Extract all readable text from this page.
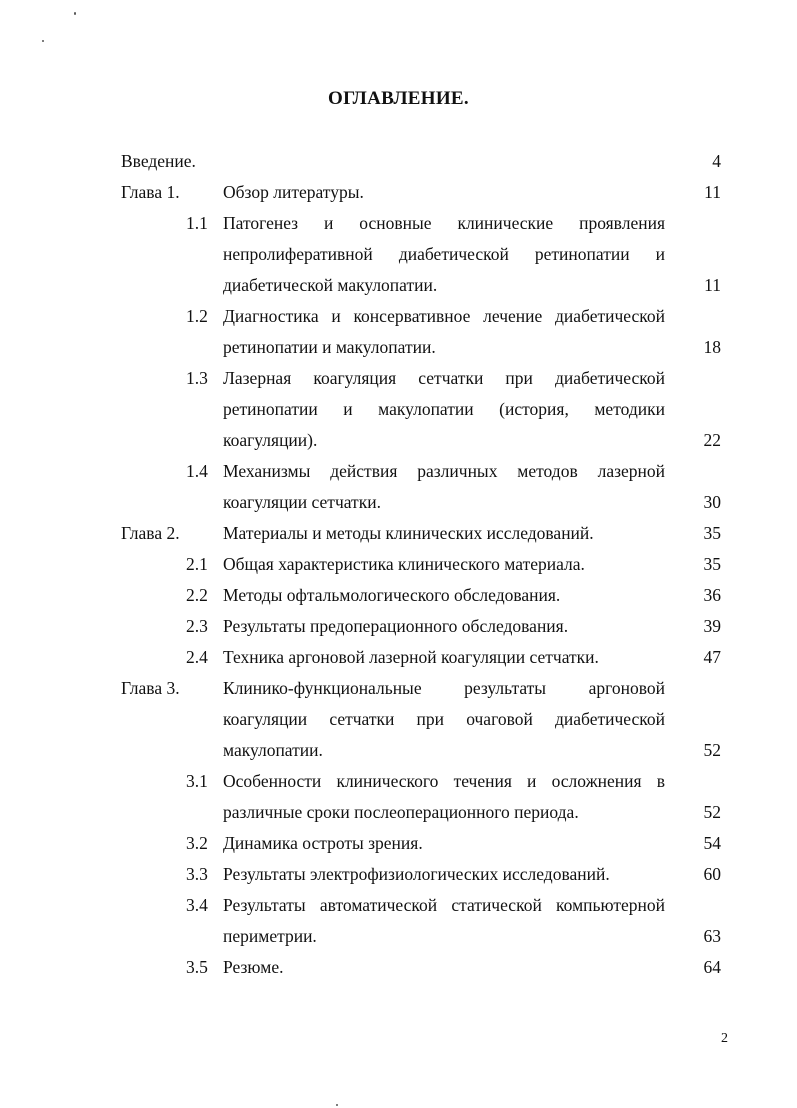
ОГЛАВЛЕНИЕ.
Введение.	4
Глава 1. Обзор литературы.	11
1.1 Патогенез и основные клинические проявления
непролиферативной диабетической ретинопатии и
диабетической макулопатии.	11
1.2 Диагностика и консервативное лечение диабетической
ретинопатии и макулопатии.	18
1.3 Лазерная коагуляция сетчатки при диабетической
ретинопатии и макулопатии (история, методики
коагуляции).	22
1.4 Механизмы действия различных методов лазерной
коагуляции сетчатки.	30
Глава 2. Материалы и методы клинических исследований.	35
2.1 Общая характеристика клинического материала.	35
2.2 Методы офтальмологического обследования.	36
2.3 Результаты предоперационного обследования.	39
2.4 Техника аргоновой лазерной коагуляции сетчатки.	47
Глава 3. Клинико-функциональные результаты аргоновой
коагуляции сетчатки при очаговой диабетической
макулопатии.	52
3.1 Особенности клинического течения и осложнения в
различные сроки послеоперационного периода.	52
3.2 Динамика остроты зрения.	54
3.3 Результаты электрофизиологических исследований.	60
3.4 Результаты автоматической статической компьютерной
периметрии.	63
3.5 Резюме.	64
2
